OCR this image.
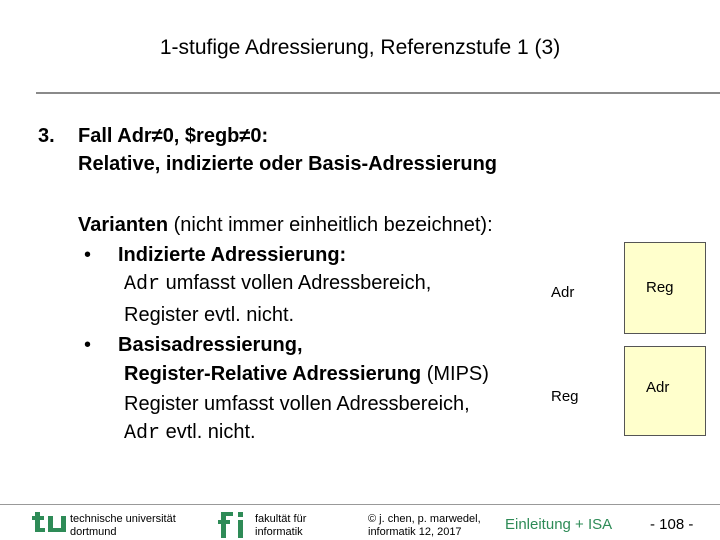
1-stufige Adressierung, Referenzstufe 1 (3)
3. Fall Adr≠0, $regb≠0:
Relative, indizierte oder Basis-Adressierung
Varianten (nicht immer einheitlich bezeichnet):
• Indizierte Adressierung:
Adr umfasst vollen Adressbereich,
Register evtl. nicht.
• Basisadressierung,
Register-Relative Adressierung (MIPS)
Register umfasst vollen Adressbereich,
Adr evtl. nicht.
Adr	Reg
Reg
Adr
technische universität
dortmund
fakultät für
informatik
© j. chen, p. marwedel,
informatik 12, 2017	Einleitung + ISA	- 108 -
